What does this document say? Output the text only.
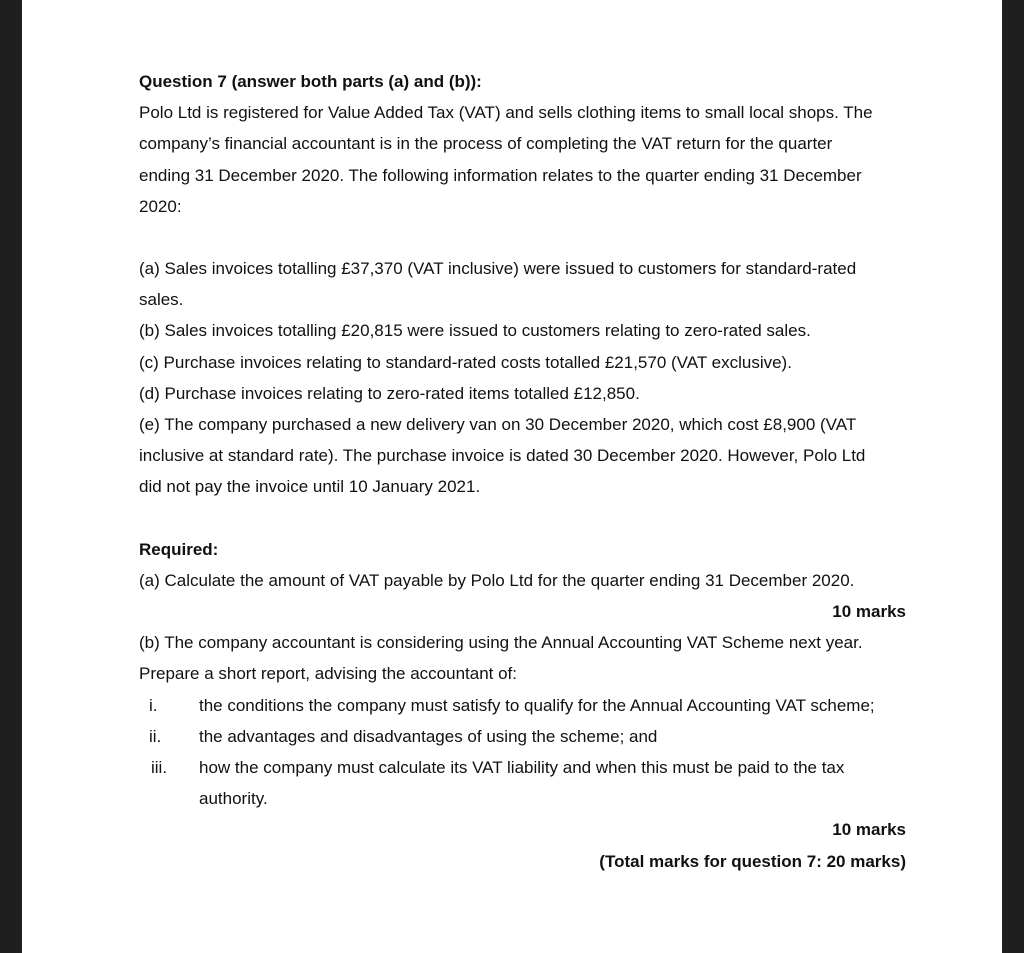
Question 7 (answer both parts (a) and (b)):

Polo Ltd is registered for Value Added Tax (VAT) and sells clothing items to small local shops. The company’s financial accountant is in the process of completing the VAT return for the quarter ending 31 December 2020. The following information relates to the quarter ending 31 December 2020:

(a) Sales invoices totalling £37,370 (VAT inclusive) were issued to customers for standard-rated sales.

(b) Sales invoices totalling £20,815 were issued to customers relating to zero-rated sales.

(c) Purchase invoices relating to standard-rated costs totalled £21,570 (VAT exclusive).

(d) Purchase invoices relating to zero-rated items totalled £12,850.

(e) The company purchased a new delivery van on 30 December 2020, which cost £8,900 (VAT inclusive at standard rate). The purchase invoice is dated 30 December 2020. However, Polo Ltd did not pay the invoice until 10 January 2021.

Required:

(a) Calculate the amount of VAT payable by Polo Ltd for the quarter ending 31 December 2020.

10 marks

(b) The company accountant is considering using the Annual Accounting VAT Scheme next year. Prepare a short report, advising the accountant of:

i.	the conditions the company must satisfy to qualify for the Annual Accounting VAT scheme;
ii.	the advantages and disadvantages of using the scheme; and
iii.	how the company must calculate its VAT liability and when this must be paid to the tax authority.

10 marks

(Total marks for question 7: 20 marks)
